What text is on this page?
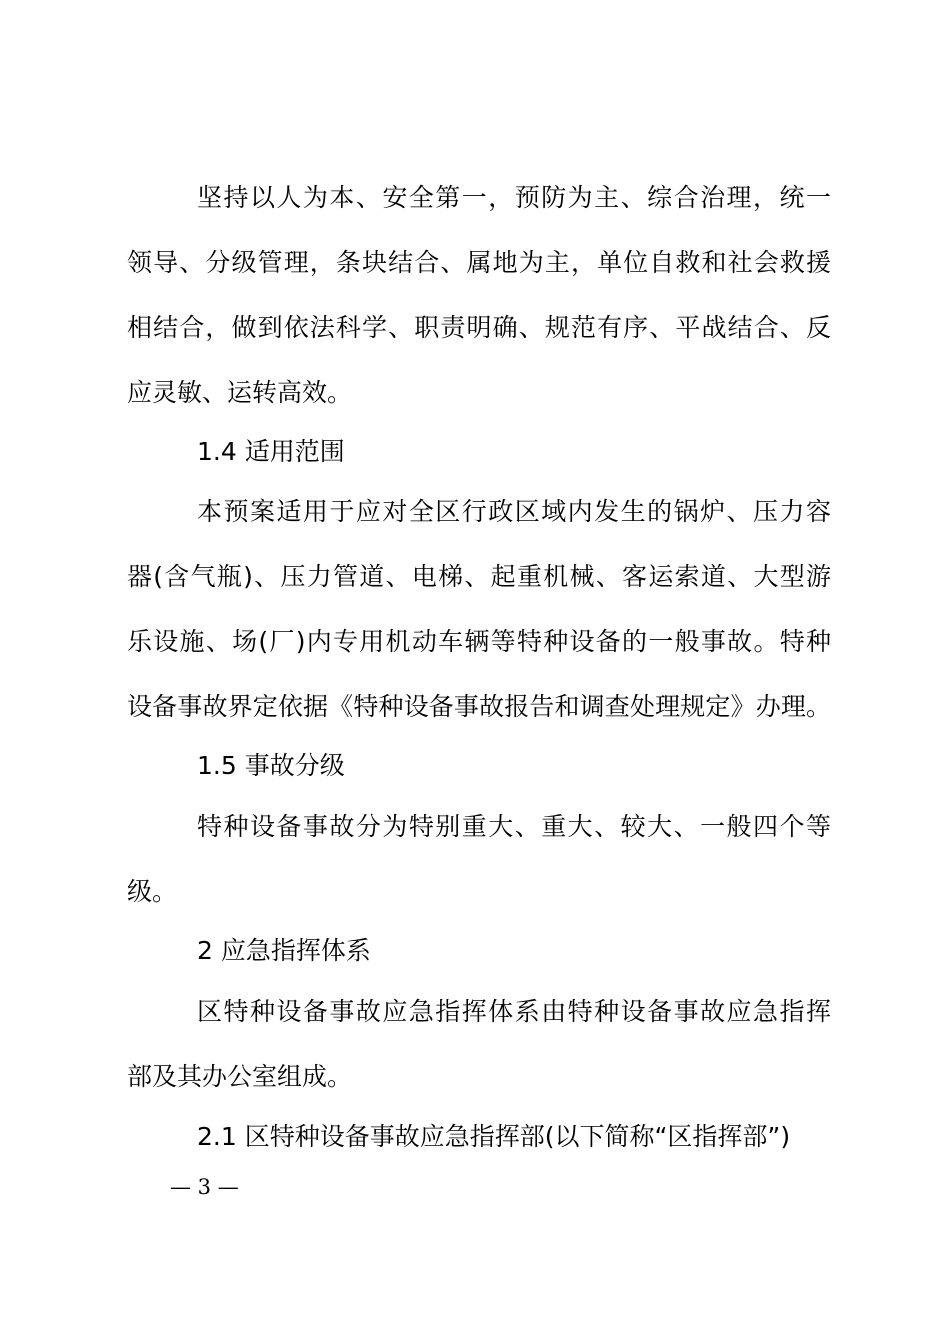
坚持以人为本、安全第一，预防为主、综合治理，统一
领导、分级管理，条块结合、属地为主，单位自救和社会救援
相结合，做到依法科学、职责明确、规范有序、平战结合、反
应灵敏、运转高效。
1.4 适用范围
本预案适用于应对全区行政区域内发生的锅炉、压力容
器(含气瓶)、压力管道、电梯、起重机械、客运索道、大型游
乐设施、场(厂)内专用机动车辆等特种设备的一般事故。特种
设备事故界定依据《特种设备事故报告和调查处理规定》办理。
1.5 事故分级
特种设备事故分为特别重大、重大、较大、一般四个等
级。
2 应急指挥体系
区特种设备事故应急指挥体系由特种设备事故应急指挥
部及其办公室组成。
2.1 区特种设备事故应急指挥部(以下简称“区指挥部”)
— 3 —
